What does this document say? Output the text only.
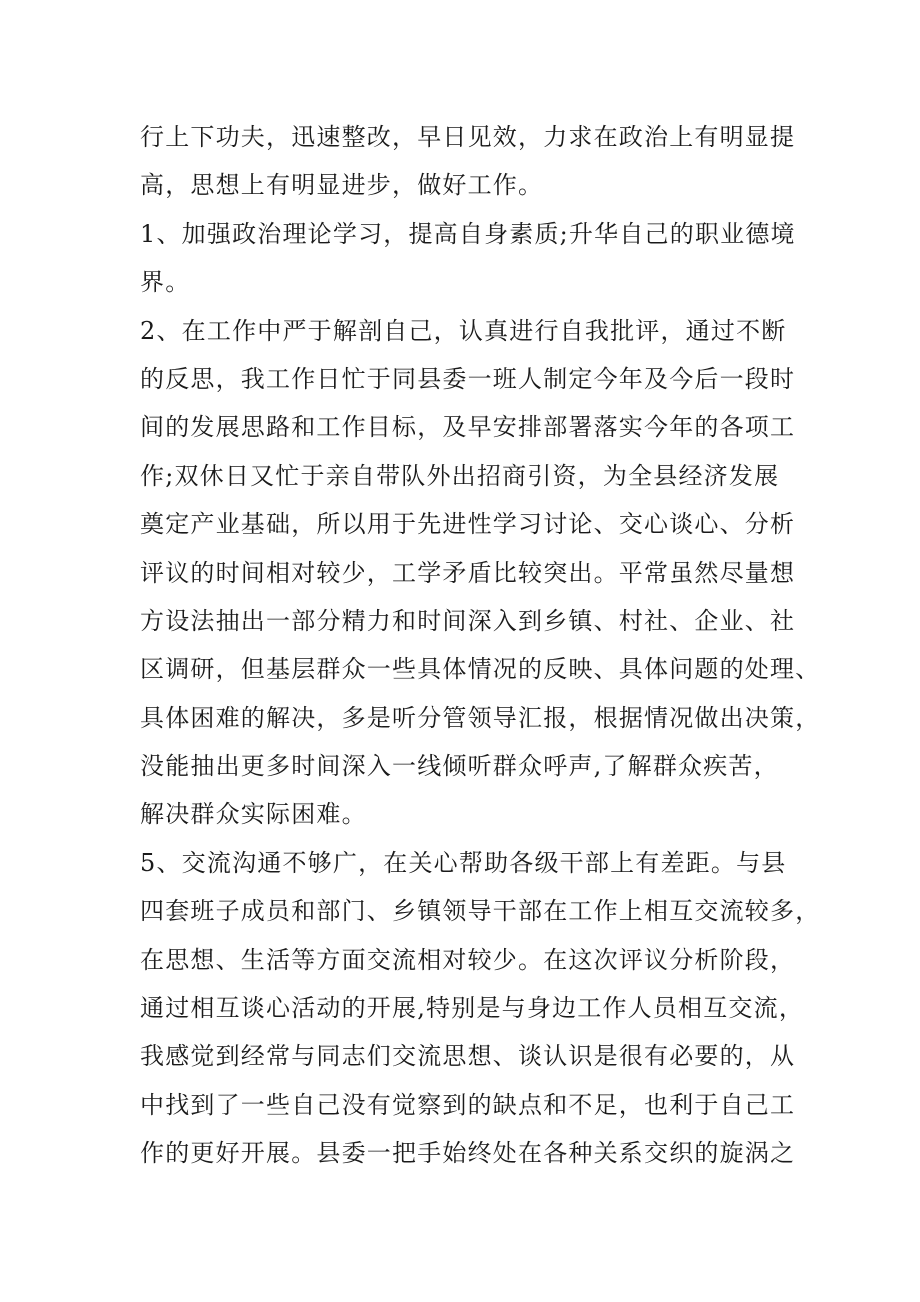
行上下功夫，迅速整改，早日见效，力求在政治上有明显提
高，思想上有明显进步，做好工作。
1、加强政治理论学习，提高自身素质;升华自己的职业德境
界。
2、在工作中严于解剖自己，认真进行自我批评，通过不断
的反思，我工作日忙于同县委一班人制定今年及今后一段时
间的发展思路和工作目标，及早安排部署落实今年的各项工
作;双休日又忙于亲自带队外出招商引资，为全县经济发展
奠定产业基础，所以用于先进性学习讨论、交心谈心、分析
评议的时间相对较少，工学矛盾比较突出。平常虽然尽量想
方设法抽出一部分精力和时间深入到乡镇、村社、企业、社
区调研，但基层群众一些具体情况的反映、具体问题的处理、
具体困难的解决，多是听分管领导汇报，根据情况做出决策，
没能抽出更多时间深入一线倾听群众呼声,了解群众疾苦，
解决群众实际困难。
5、交流沟通不够广，在关心帮助各级干部上有差距。与县
四套班子成员和部门、乡镇领导干部在工作上相互交流较多，
在思想、生活等方面交流相对较少。在这次评议分析阶段，
通过相互谈心活动的开展,特别是与身边工作人员相互交流，
我感觉到经常与同志们交流思想、谈认识是很有必要的，从
中找到了一些自己没有觉察到的缺点和不足，也利于自己工
作的更好开展。县委一把手始终处在各种关系交织的旋涡之
